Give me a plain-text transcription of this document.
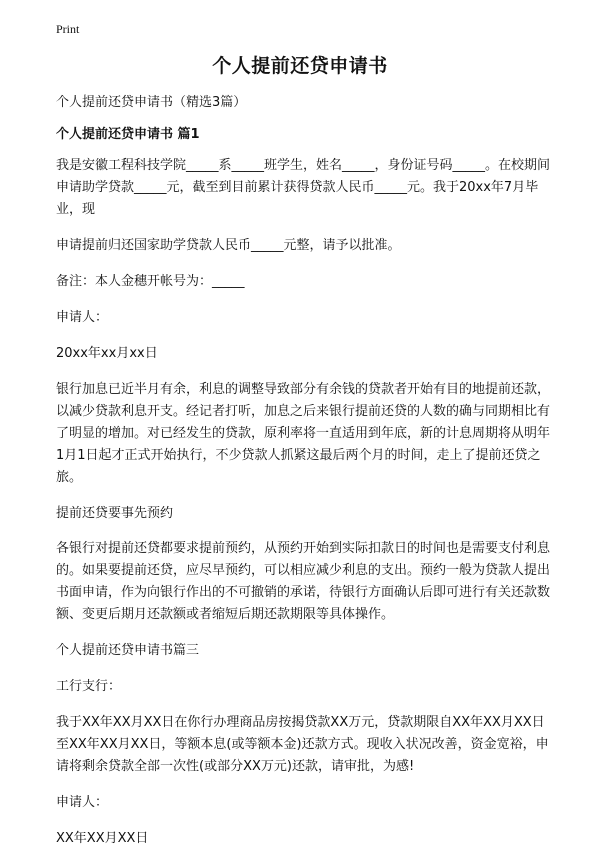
Print
个人提前还贷申请书

个人提前还贷申请书（精选3篇）

个人提前还贷申请书 篇1

我是安徽工程科技学院_____系_____班学生，姓名_____，身份证号码_____。在校期间申请助学贷款_____元，截至到目前累计获得贷款人民币_____元。我于20xx年7月毕业，现

申请提前归还国家助学贷款人民币_____元整，请予以批准。

备注：本人金穗开帐号为：_____

申请人：

20xx年xx月xx日

银行加息已近半月有余，利息的调整导致部分有余钱的贷款者开始有目的地提前还款，以减少贷款利息开支。经记者打听，加息之后来银行提前还贷的人数的确与同期相比有了明显的增加。对已经发生的贷款，原利率将一直适用到年底，新的计息周期将从明年1月1日起才正式开始执行，不少贷款人抓紧这最后两个月的时间，走上了提前还贷之旅。

提前还贷要事先预约

各银行对提前还贷都要求提前预约，从预约开始到实际扣款日的时间也是需要支付利息的。如果要提前还贷，应尽早预约，可以相应减少利息的支出。预约一般为贷款人提出书面申请，作为向银行作出的不可撤销的承诺，待银行方面确认后即可进行有关还款数额、变更后期月还款额或者缩短后期还款期限等具体操作。

个人提前还贷申请书篇三

工行支行：

我于XX年XX月XX日在你行办理商品房按揭贷款XX万元，贷款期限自XX年XX月XX日至XX年XX月XX日，等额本息(或等额本金)还款方式。现收入状况改善，资金宽裕，申请将剩余贷款全部一次性(或部分XX万元)还款，请审批，为感!

申请人：

XX年XX月XX日
